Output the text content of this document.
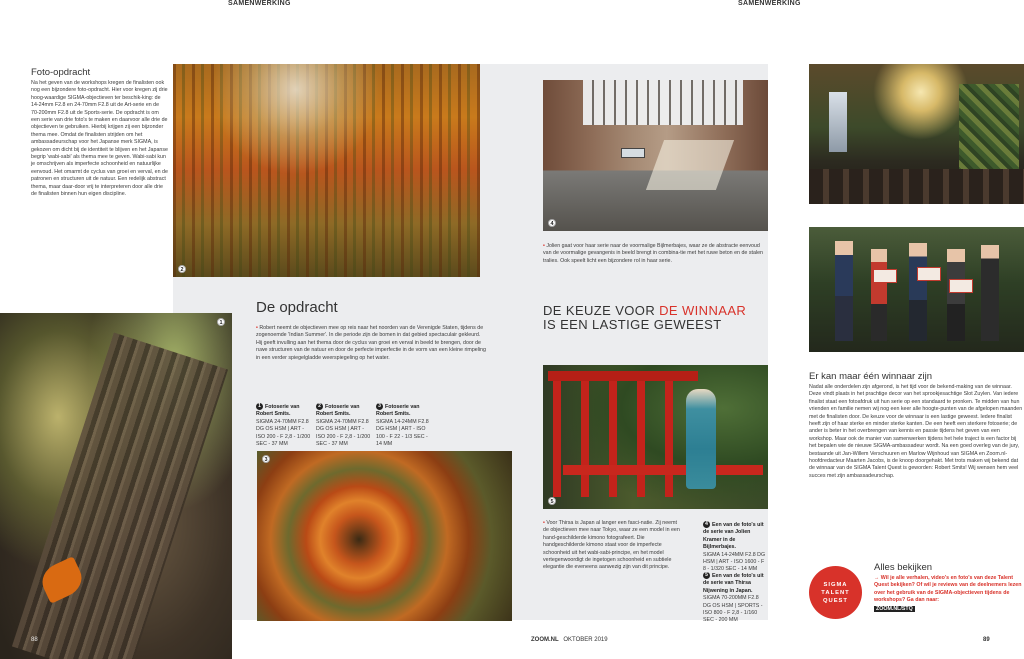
SAMENWERKING	SAMENWERKING
Foto-opdracht
Na het geven van de workshops kregen de finalisten ook nog een bijzondere foto-opdracht. Hier voor kregen zij drie hoog-waardige SIGMA-objectieven ter beschik-king: de 14-24mm F2.8 en 24-70mm F2.8 uit de Art-serie en de 70-200mm F2.8 uit de Sports-serie. De opdracht is om een serie van drie foto's te maken en daarvoor alle drie de objectieven te gebruiken. Hierbij krijgen zij een bijzonder thema mee. Omdat de finalisten strijden om het ambassadeurschap voor het Japanse merk SIGMA, is gekozen om dicht bij de identiteit te blijven en het Japanse begrip 'wabi-sabi' als thema mee te geven. Wabi-sabi kun je omschrijven als imperfecte schoonheid en natuurlijke eenvoud. Het omarmt de cyclus van groei en verval, en de patronen en structuren uit de natuur. Een redelijk abstract thema, maar daar-door vrij te interpreteren door alle drie de finalisten binnen hun eigen discipline.
1
88
2
3
De opdracht
• Robert neemt de objectieven mee op reis naar het noorden van de Verenigde Staten, tijdens de zogenoemde 'Indian Summer'. In die periode zijn de bomen in dat gebied spectaculair gekleurd. Hij geeft invulling aan het thema door de cyclus van groei en verval in beeld te brengen, door de ruwe structuren van de natuur en door de perfecte imperfectie in de vorm van een kleine rimpeling in een verder spiegelgladde weerspiegeling op het water.
1 Fotoserie van
Robert Smits.
SIGMA 24-70MM F2.8 DG OS HSM | ART - ISO 200 - F 2,8 - 1/200 SEC - 37 MM
2 Fotoserie van
Robert Smits.
SIGMA 24-70MM F2.8 DG OS HSM | ART - ISO 200 - F 2,8 - 1/200 SEC - 37 MM
3 Fotoserie van
Robert Smits.
SIGMA 14-24MM F2.8 DG HSM | ART - ISO 100 - F 22 - 1/3 SEC - 14 MM
4
• Jolien gaat voor haar serie naar de voormalige Bijlmerbajes, waar ze de abstracte eenvoud van de voormalige gevangenis in beeld brengt in combina-tie met het ruwe beton en de stalen tralies. Ook speelt licht een bijzondere rol in haar serie.
DE KEUZE VOOR DE WINNAAR
IS EEN LASTIGE GEWEEST
5
• Voor Thirsa is Japan al langer een fasci-natie. Zij neemt de objectieven mee naar Tokyo, waar ze een model in een hand-geschilderde kimono fotografeert. Die handgeschilderde kimono staat voor de imperfecte schoonheid uit het wabi-sabi-principe, en het model vertegenwoordigt de ingetogen schoonheid en subtiele elegantie die eveneens aanwezig zijn van dit principe.
4 Een van de foto's uit de serie van Jolien Kramer in de Bijlmerbajes.
SIGMA 14-24MM F2.8 DG HSM | ART - ISO 1600 - F 8 - 1/320 SEC - 14 MM
5 Een van de foto's uit de serie van Thirsa Nijwening in Japan.
SIGMA 70-200MM F2.8 DG OS HSM | SPORTS - ISO 800 - F 2,8 - 1/160 SEC - 200 MM
Er kan maar één winnaar zijn
Nadat alle onderdelen zijn afgerond, is het tijd voor de bekend-making van de winnaar. Deze vindt plaats in het prachtige decor van het sprookjesachtige Slot Zuylen. Van iedere finalist staat een fotoafdruk uit hun serie op een standaard te pronken. Te midden van hun vrienden en familie nemen wij nog een keer alle hoogte-punten van de afgelopen maanden met de finalisten door. De keuze voor de winnaar is een lastige geweest. Iedere finalist heeft zijn of haar sterke en minder sterke kanten. De een heeft een sterkere fotoserie; de ander is beter in het overbrengen van kennis en passie tijdens het geven van een workshop. Maar ook de manier van samenwerken tijdens het hele traject is een factor bij het bepalen wie de nieuwe SIGMA-ambassadeur wordt. Na een goed overleg van de jury, bestaande uit Jan-Willem Verschuuren en Marlow Wijnhoud van SIGMA en Zoom.nl-hoofdredacteur Maarten Jacobs, is de knoop doorgehakt. Met trots maken wij bekend dat de winnaar van de SIGMA Talent Quest is geworden: Robert Smits! Wij wensen hem veel succes met zijn ambassadeurschap.
SIGMA
TALENT
QUEST
Alles bekijken
→ Wil je alle verhalen, video's en foto's van deze Talent Quest bekijken? Of wil je reviews van de deelnemers lezen over het gebruik van de SIGMA-objectieven tijdens de workshops? Ga dan naar:
ZOOM.NL/STQ
ZOOM.NL OKTOBER 2019	89
